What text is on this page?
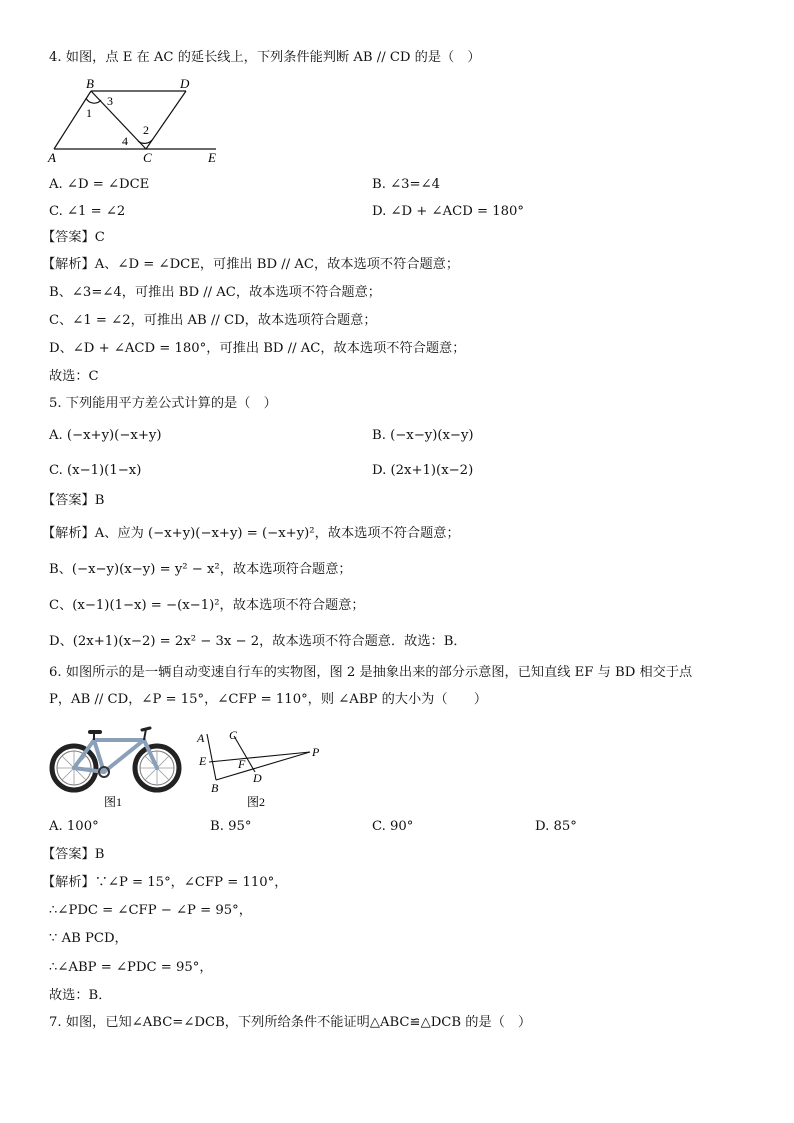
4. 如图，点 E 在 AC 的延长线上，下列条件能判断 AB // CD 的是（　）
B	D
A	C	E
1
3
2
4
A. ∠D = ∠DCE	B. ∠3=∠4
C. ∠1 = ∠2	D. ∠D + ∠ACD = 180°
【答案】C
【解析】A、∠D = ∠DCE，可推出 BD // AC，故本选项不符合题意；
B、∠3=∠4，可推出 BD // AC，故本选项不符合题意；
C、∠1 = ∠2，可推出 AB // CD，故本选项符合题意；
D、∠D + ∠ACD = 180°，可推出 BD // AC，故本选项不符合题意；
故选：C
5. 下列能用平方差公式计算的是（　）
A. (−x+y)(−x+y)	B. (−x−y)(x−y)
C. (x−1)(1−x)	D. (2x+1)(x−2)
【答案】B
【解析】A、应为 (−x+y)(−x+y) = (−x+y)²，故本选项不符合题意；
B、(−x−y)(x−y) = y² − x²，故本选项符合题意；
C、(x−1)(1−x) = −(x−1)²，故本选项不符合题意；
D、(2x+1)(x−2) = 2x² − 3x − 2，故本选项不符合题意．故选：B．
6. 如图所示的是一辆自动变速自行车的实物图，图 2 是抽象出来的部分示意图，已知直线 EF 与 BD 相交于点
P，AB // CD，∠P = 15°，∠CFP = 110°，则 ∠ABP 的大小为（　　）
图1
A C
E	F
D
B
P
图2
A. 100°	B. 95°	C. 90°	D. 85°
【答案】B
【解析】∵∠P = 15°，∠CFP = 110°，
∴∠PDC = ∠CFP − ∠P = 95°，
∵ AB PCD，
∴∠ABP = ∠PDC = 95°，
故选：B．
7. 如图，已知∠ABC=∠DCB，下列所给条件不能证明△ABC≌△DCB 的是（　）
